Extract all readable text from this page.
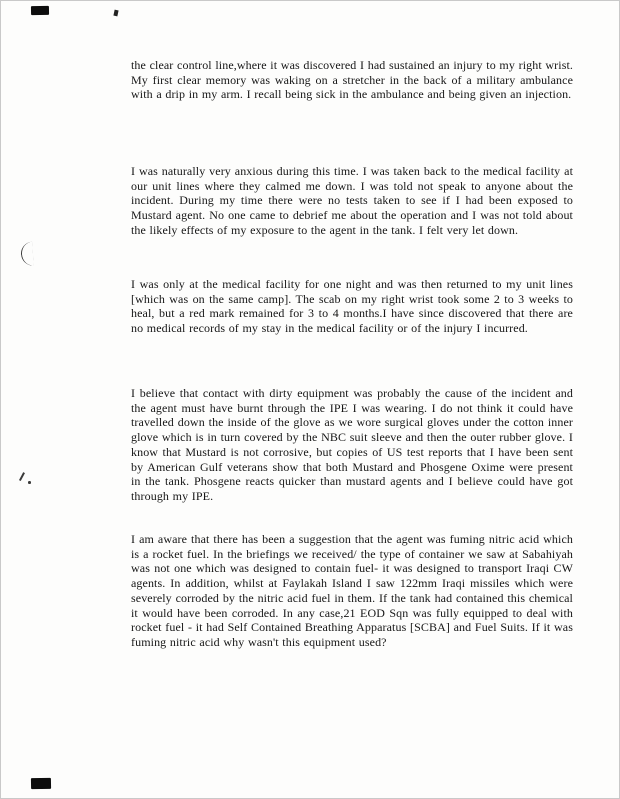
the clear control line,where it was discovered I had sustained an injury to my right wrist. My first clear memory was waking on a stretcher in the back of a military ambulance with a drip in my arm. I recall being sick in the ambulance and being given an injection.

I was naturally very anxious during this time. I was taken back to the medical facility at our unit lines where they calmed me down. I was told not speak to anyone about the incident. During my time there were no tests taken to see if I had been exposed to Mustard agent. No one came to debrief me about the operation and I was not told about the likely effects of my exposure to the agent in the tank. I felt very let down.

I was only at the medical facility for one night and was then returned to my unit lines [which was on the same camp]. The scab on my right wrist took some 2 to 3 weeks to heal, but a red mark remained for 3 to 4 months.I have since discovered that there are no medical records of my stay in the medical facility or of the injury I incurred.

I believe that contact with dirty equipment was probably the cause of the incident and the agent must have burnt through the IPE I was wearing. I do not think it could have travelled down the inside of the glove as we wore surgical gloves under the cotton inner glove which is in turn covered by the NBC suit sleeve and then the outer rubber glove. I know that Mustard is not corrosive, but copies of US test reports that I have been sent by American Gulf veterans show that both Mustard and Phosgene Oxime were present in the tank. Phosgene reacts quicker than mustard agents and I believe could have got through my IPE.

I am aware that there has been a suggestion that the agent was fuming nitric acid which is a rocket fuel. In the briefings we received/ the type of container we saw at Sabahiyah was not one which was designed to contain fuel- it was designed to transport Iraqi CW agents. In addition, whilst at Faylakah Island I saw 122mm Iraqi missiles which were severely corroded by the nitric acid fuel in them. If the tank had contained this chemical it would have been corroded. In any case,21 EOD Sqn was fully equipped to deal with rocket fuel - it had Self Contained Breathing Apparatus [SCBA] and Fuel Suits. If it was fuming nitric acid why wasn't this equipment used?
